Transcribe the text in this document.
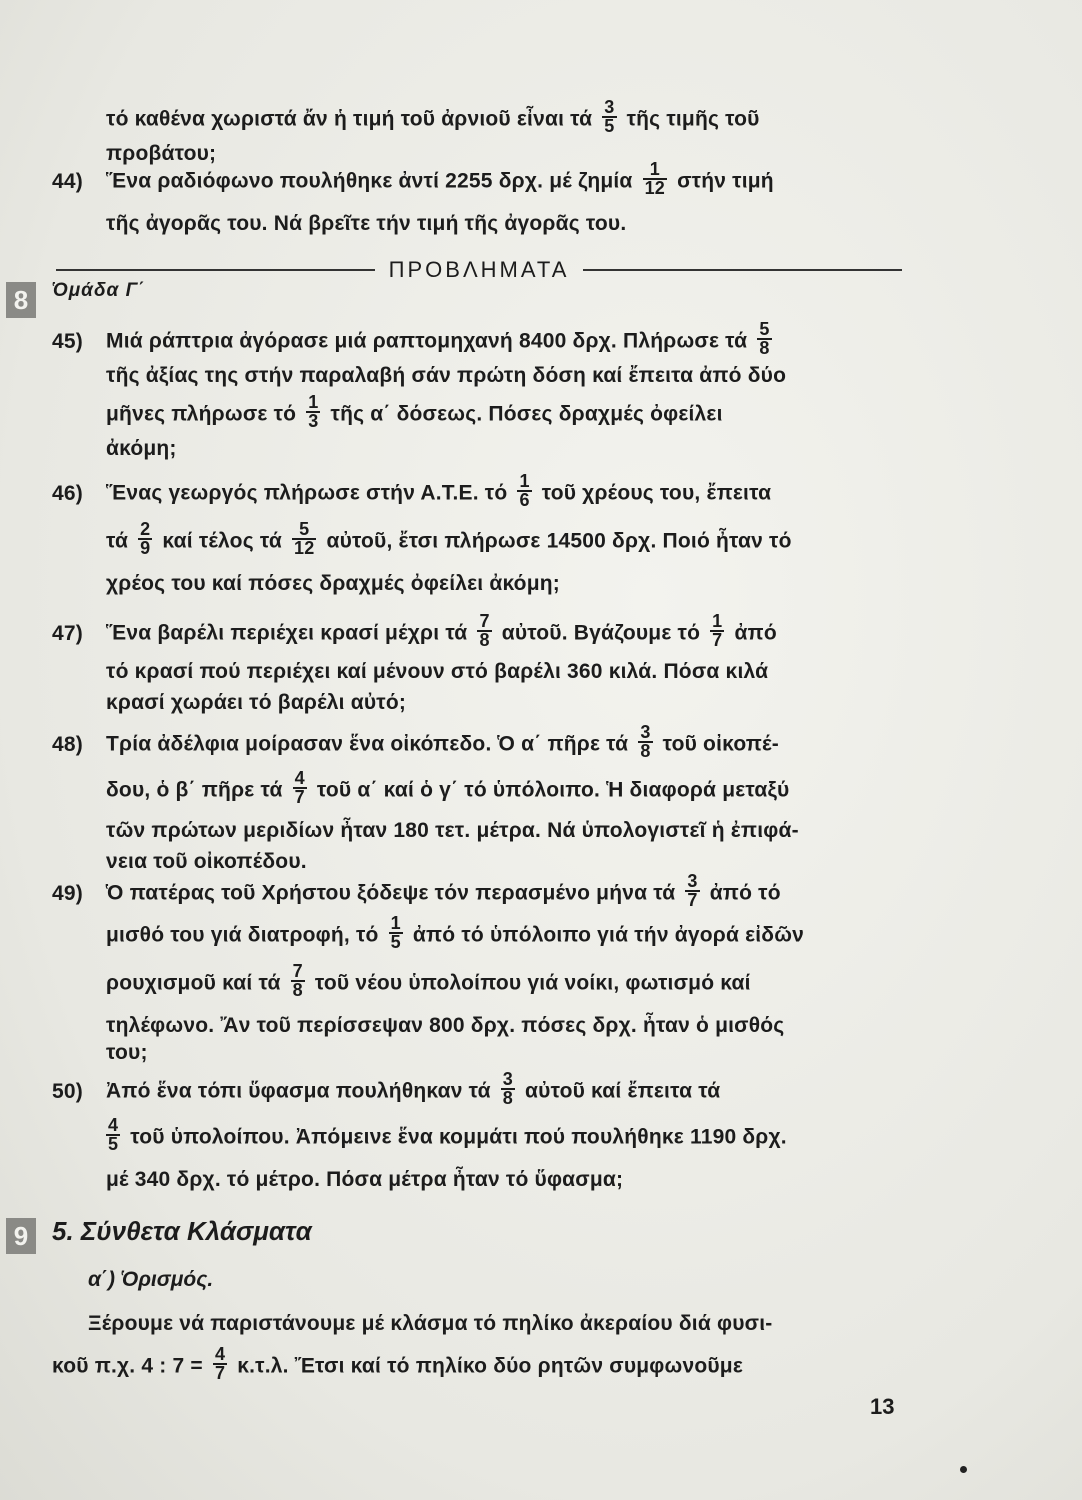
τό καθένα χωριστά ἄν ἡ τιμή τοῦ ἀρνιοῦ εἶναι τά $\frac{3}{5}$ τῆς τιμῆς τοῦ
προβάτου;
44) Ἕνα ραδιόφωνο πουλήθηκε ἀντί 2255 δρχ. μέ ζημία $\frac{1}{12}$ στήν τιμή
τῆς ἀγορᾶς του. Νά βρεῖτε τήν τιμή τῆς ἀγορᾶς του.
ΠΡΟΒΛΗΜΑΤΑ
8	Ὁμάδα Γ΄
45) Μιά ράπτρια ἀγόρασε μιά ραπτομηχανή 8400 δρχ. Πλήρωσε τά $\frac{5}{8}$
τῆς ἀξίας της στήν παραλαβή σάν πρώτη δόση καί ἔπειτα ἀπό δύο
μῆνες πλήρωσε τό $\frac{1}{3}$ τῆς α΄ δόσεως. Πόσες δραχμές ὀφείλει
ἀκόμη;
46) Ἕνας γεωργός πλήρωσε στήν Α.Τ.Ε. τό $\frac{1}{6}$ τοῦ χρέους του, ἔπειτα
τά $\frac{2}{9}$ καί τέλος τά $\frac{5}{12}$ αὐτοῦ, ἔτσι πλήρωσε 14500 δρχ. Ποιό ἦταν τό
χρέος του καί πόσες δραχμές ὀφείλει ἀκόμη;
47) Ἕνα βαρέλι περιέχει κρασί μέχρι τά $\frac{7}{8}$ αὐτοῦ. Βγάζουμε τό $\frac{1}{7}$ ἀπό
τό κρασί πού περιέχει καί μένουν στό βαρέλι 360 κιλά. Πόσα κιλά
κρασί χωράει τό βαρέλι αὐτό;
48) Τρία ἀδέλφια μοίρασαν ἕνα οἰκόπεδο. Ὁ α΄ πῆρε τά $\frac{3}{8}$ τοῦ οἰκοπέ-
δου, ὁ β΄ πῆρε τά $\frac{4}{7}$ τοῦ α΄ καί ὁ γ΄ τό ὑπόλοιπο. Ἡ διαφορά μεταξύ
τῶν πρώτων μεριδίων ἦταν 180 τετ. μέτρα. Νά ὑπολογιστεῖ ἡ ἐπιφά-
νεια τοῦ οἰκοπέδου.
49) Ὁ πατέρας τοῦ Χρήστου ξόδεψε τόν περασμένο μήνα τά $\frac{3}{7}$ ἀπό τό
μισθό του γιά διατροφή, τό $\frac{1}{5}$ ἀπό τό ὑπόλοιπο γιά τήν ἀγορά εἰδῶν
ρουχισμοῦ καί τά $\frac{7}{8}$ τοῦ νέου ὑπολοίπου γιά νοίκι, φωτισμό καί
τηλέφωνο. Ἄν τοῦ περίσσεψαν 800 δρχ. πόσες δρχ. ἦταν ὁ μισθός
του;
50) Ἀπό ἕνα τόπι ὕφασμα πουλήθηκαν τά $\frac{3}{8}$ αὐτοῦ καί ἔπειτα τά
$\frac{4}{5}$ τοῦ ὑπολοίπου. Ἀπόμεινε ἕνα κομμάτι πού πουλήθηκε 1190 δρχ.
μέ 340 δρχ. τό μέτρο. Πόσα μέτρα ἦταν τό ὕφασμα;
9 5. Σύνθετα Κλάσματα
α΄) Ὁρισμός.
Ξέρουμε νά παριστάνουμε μέ κλάσμα τό πηλίκο ἀκεραίου διά φυσι-
κοῦ π.χ. 4 : $7 = \frac{4}{7} \kappa.\tau.\lambda$. Ἔτσι καί τό πηλίκο δύο ρητῶν συμφωνοῦμε
13
